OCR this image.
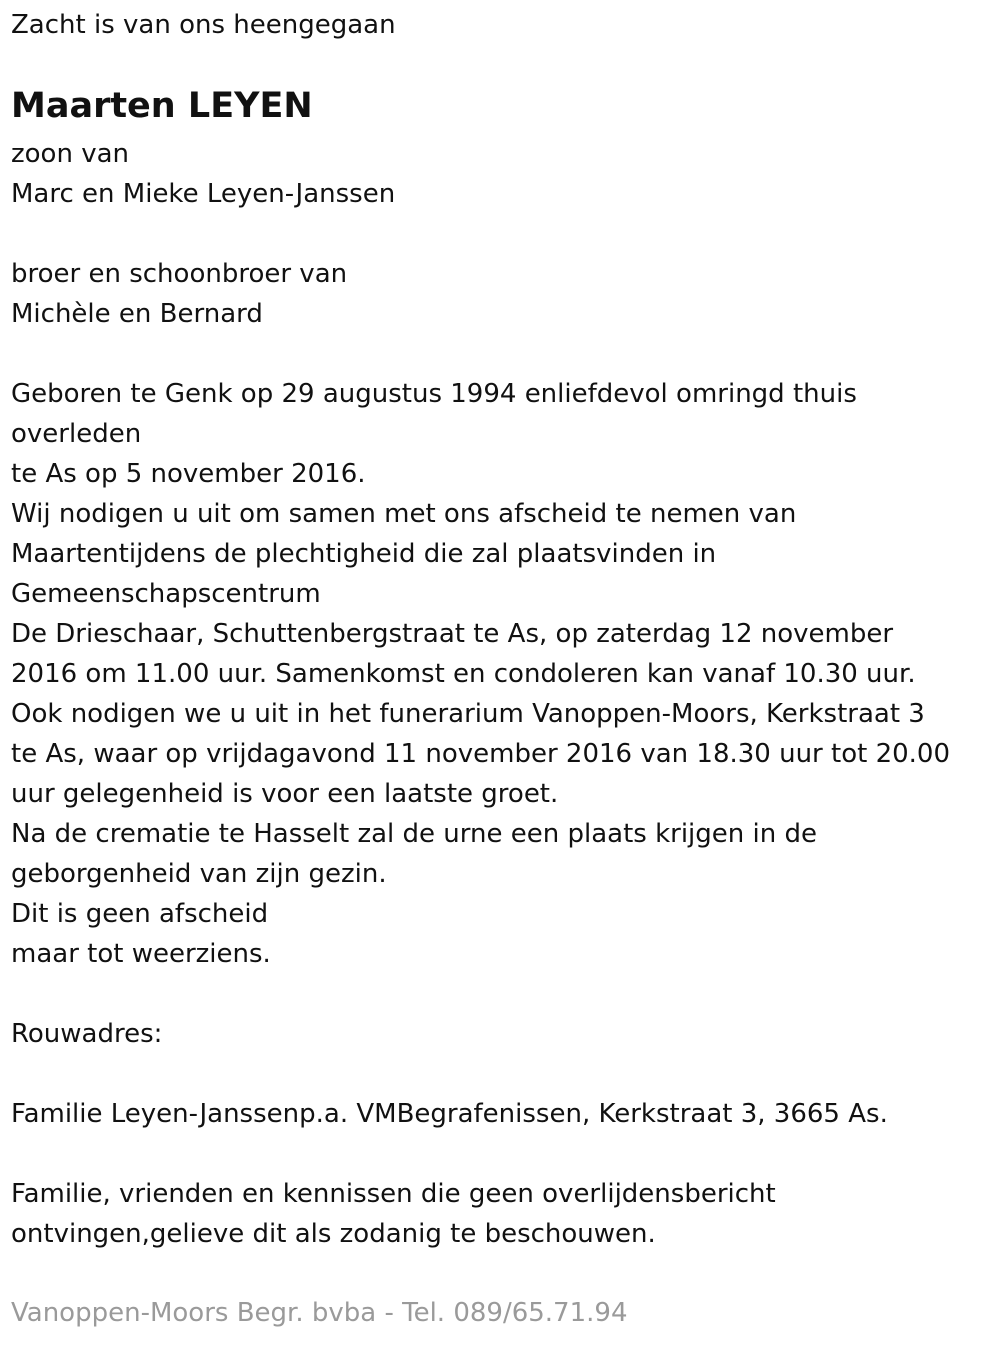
Zacht is van ons heengegaan
Maarten LEYEN
zoon van
Marc en Mieke Leyen-Janssen
broer en schoonbroer van
Michèle en Bernard
Geboren te Genk op 29 augustus 1994 enliefdevol omringd thuis
overleden
te As op 5 november 2016.
Wij nodigen u uit om samen met ons afscheid te nemen van
Maartentijdens de plechtigheid die zal plaatsvinden in
Gemeenschapscentrum
De Drieschaar, Schuttenbergstraat te As, op zaterdag 12 november
2016 om 11.00 uur. Samenkomst en condoleren kan vanaf 10.30 uur.
Ook nodigen we u uit in het funerarium Vanoppen-Moors, Kerkstraat 3
te As, waar op vrijdagavond 11 november 2016 van 18.30 uur tot 20.00
uur gelegenheid is voor een laatste groet.
Na de crematie te Hasselt zal de urne een plaats krijgen in de
geborgenheid van zijn gezin.
Dit is geen afscheid
maar tot weerziens.
Rouwadres:
Familie Leyen-Janssenp.a. VMBegrafenissen, Kerkstraat 3, 3665 As.
Familie, vrienden en kennissen die geen overlijdensbericht
ontvingen,gelieve dit als zodanig te beschouwen.
Vanoppen-Moors Begr. bvba - Tel. 089/65.71.94
